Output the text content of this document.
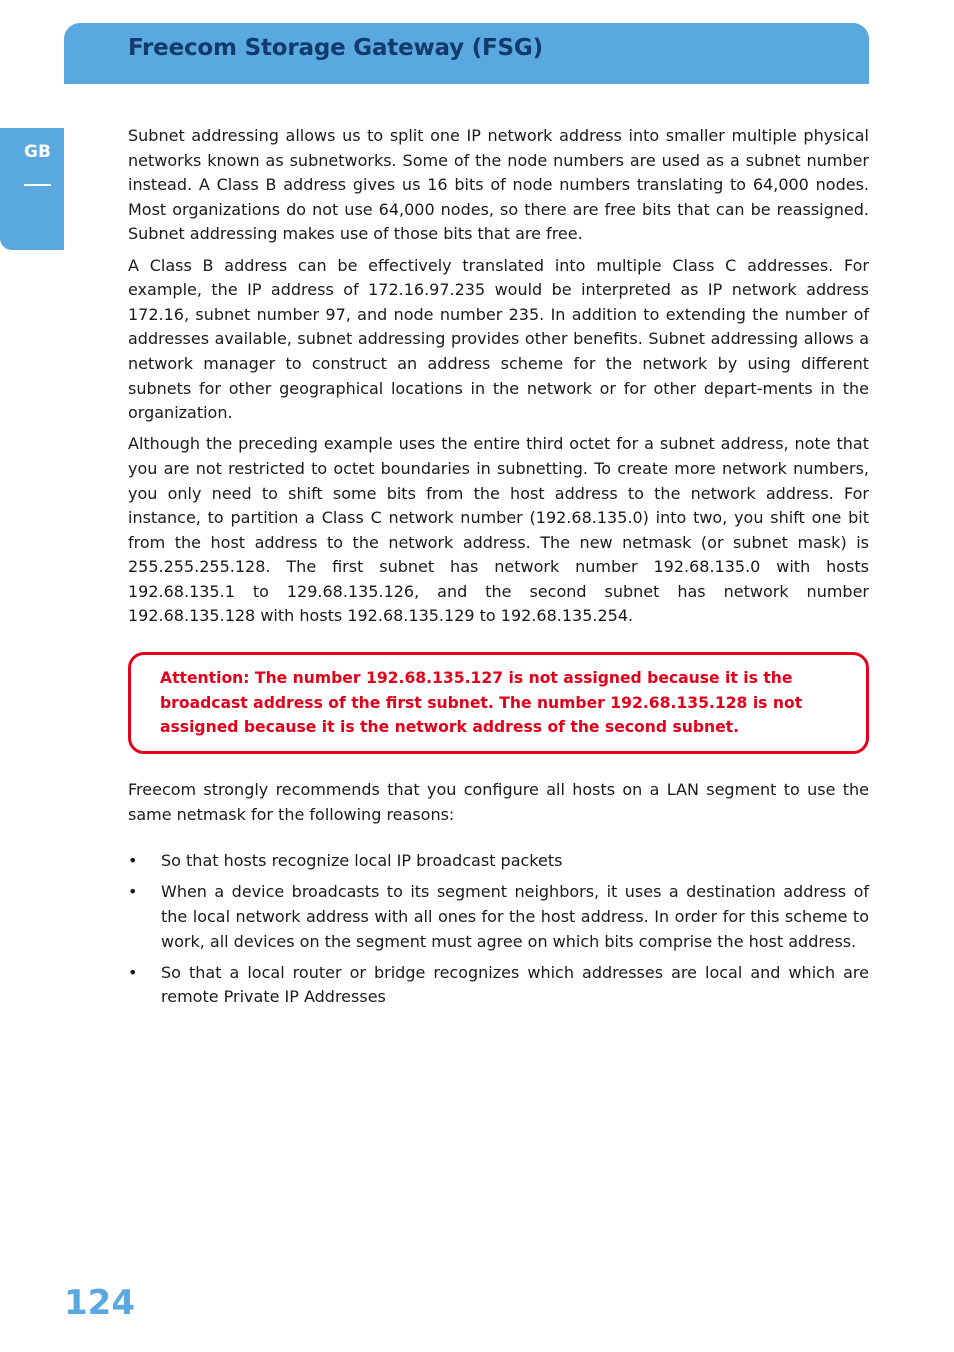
Freecom Storage Gateway (FSG)
GB

Subnet addressing allows us to split one IP network address into smaller multiple physical networks known as subnetworks. Some of the node numbers are used as a subnet number instead. A Class B address gives us 16 bits of node numbers translating to 64,000 nodes. Most organizations do not use 64,000 nodes, so there are free bits that can be reassigned. Subnet addressing makes use of those bits that are free.

A Class B address can be effectively translated into multiple Class C addresses. For example, the IP address of 172.16.97.235 would be interpreted as IP network address 172.16, subnet number 97, and node number 235. In addition to extending the number of addresses available, subnet addressing provides other benefits. Subnet addressing allows a network manager to construct an address scheme for the network by using different subnets for other geographical locations in the network or for other depart-ments in the organization.

Although the preceding example uses the entire third octet for a subnet address, note that you are not restricted to octet boundaries in subnetting. To create more network numbers, you only need to shift some bits from the host address to the network address. For instance, to partition a Class C network number (192.68.135.0) into two, you shift one bit from the host address to the network address. The new netmask (or subnet mask) is 255.255.255.128. The first subnet has network number 192.68.135.0 with hosts 192.68.135.1 to 129.68.135.126, and the second subnet has network number 192.68.135.128 with hosts 192.68.135.129 to 192.68.135.254.

Attention: The number 192.68.135.127 is not assigned because it is the broadcast address of the first subnet. The number 192.68.135.128 is not assigned because it is the network address of the second subnet.

Freecom strongly recommends that you configure all hosts on a LAN segment to use the same netmask for the following reasons:

• So that hosts recognize local IP broadcast packets
• When a device broadcasts to its segment neighbors, it uses a destination address of the local network address with all ones for the host address. In order for this scheme to work, all devices on the segment must agree on which bits comprise the host address.
• So that a local router or bridge recognizes which addresses are local and which are remote Private IP Addresses
124
